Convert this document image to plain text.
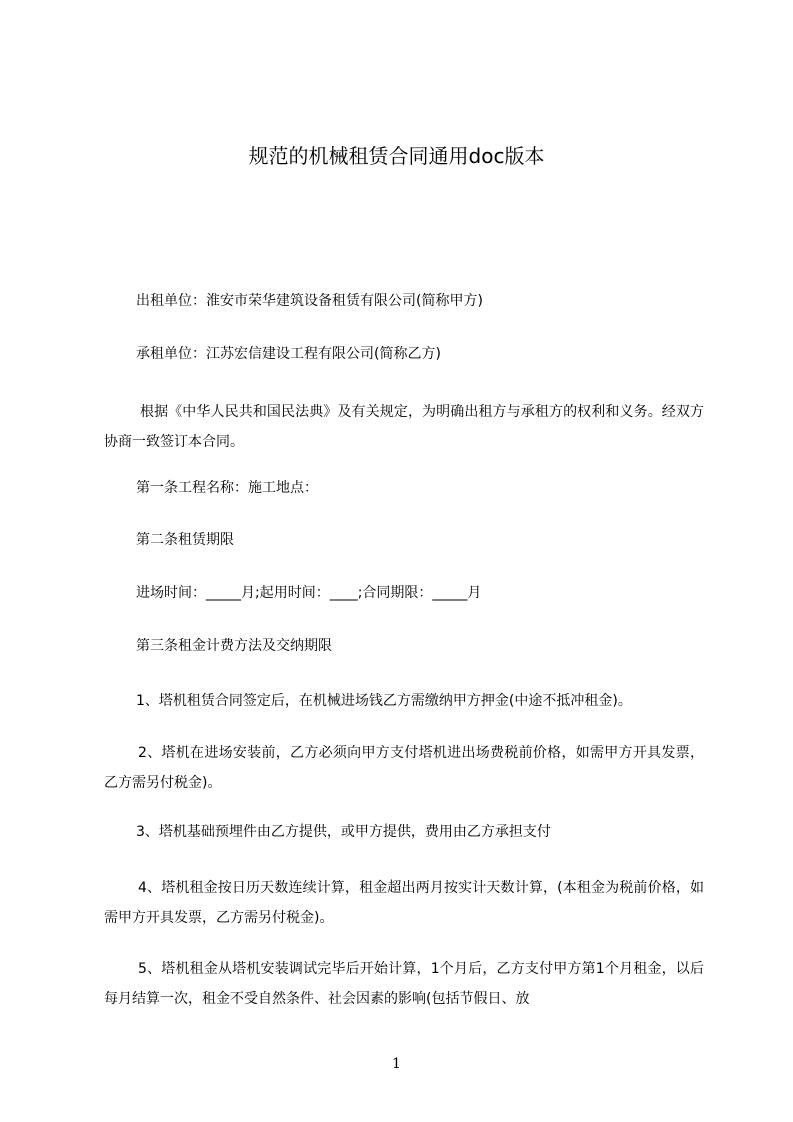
规范的机械租赁合同通用doc版本
出租单位：淮安市荣华建筑设备租赁有限公司(简称甲方)
承租单位：江苏宏信建设工程有限公司(简称乙方)
根据《中华人民共和国民法典》及有关规定，为明确出租方与承租方的权利和义务。经双方协商一致签订本合同。
第一条工程名称：施工地点：
第二条租赁期限
进场时间：_____月;起用时间：____;合同期限：_____月
第三条租金计费方法及交纳期限
1、塔机租赁合同签定后，在机械进场钱乙方需缴纳甲方押金(中途不抵冲租金)。
2、塔机在进场安装前，乙方必须向甲方支付塔机进出场费税前价格，如需甲方开具发票，乙方需另付税金)。
3、塔机基础预埋件由乙方提供，或甲方提供，费用由乙方承担支付
4、塔机租金按日历天数连续计算，租金超出两月按实计天数计算，(本租金为税前价格，如需甲方开具发票，乙方需另付税金)。
5、塔机租金从塔机安装调试完毕后开始计算，1个月后，乙方支付甲方第1个月租金，以后每月结算一次，租金不受自然条件、社会因素的影响(包括节假日、放
1
